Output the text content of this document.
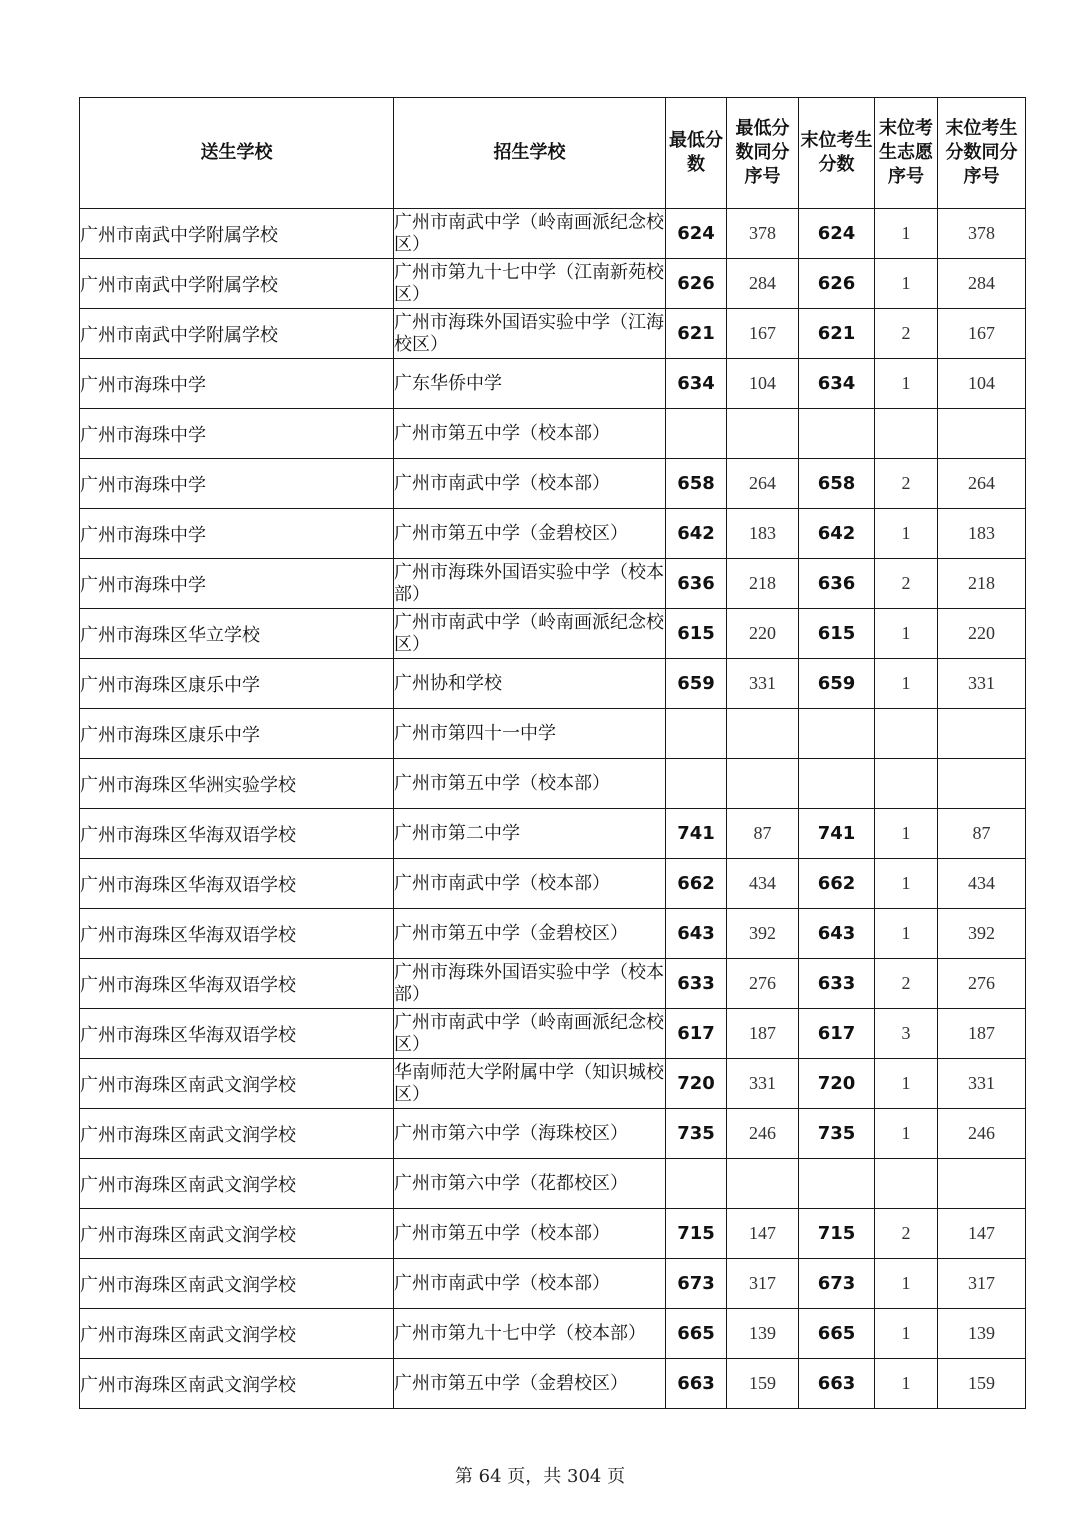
送生学校	招生学校	最低分数	最低分数同分序号	末位考生分数	末位考生志愿序号	末位考生分数同分序号
广州市南武中学附属学校	广州市南武中学（岭南画派纪念校区）	624	378	624	1	378
广州市南武中学附属学校	广州市第九十七中学（江南新苑校区）	626	284	626	1	284
广州市南武中学附属学校	广州市海珠外国语实验中学（江海校区）	621	167	621	2	167
广州市海珠中学	广东华侨中学	634	104	634	1	104
广州市海珠中学	广州市第五中学（校本部）					
广州市海珠中学	广州市南武中学（校本部）	658	264	658	2	264
广州市海珠中学	广州市第五中学（金碧校区）	642	183	642	1	183
广州市海珠中学	广州市海珠外国语实验中学（校本部）	636	218	636	2	218
广州市海珠区华立学校	广州市南武中学（岭南画派纪念校区）	615	220	615	1	220
广州市海珠区康乐中学	广州协和学校	659	331	659	1	331
广州市海珠区康乐中学	广州市第四十一中学					
广州市海珠区华洲实验学校	广州市第五中学（校本部）					
广州市海珠区华海双语学校	广州市第二中学	741	87	741	1	87
广州市海珠区华海双语学校	广州市南武中学（校本部）	662	434	662	1	434
广州市海珠区华海双语学校	广州市第五中学（金碧校区）	643	392	643	1	392
广州市海珠区华海双语学校	广州市海珠外国语实验中学（校本部）	633	276	633	2	276
广州市海珠区华海双语学校	广州市南武中学（岭南画派纪念校区）	617	187	617	3	187
广州市海珠区南武文润学校	华南师范大学附属中学（知识城校区）	720	331	720	1	331
广州市海珠区南武文润学校	广州市第六中学（海珠校区）	735	246	735	1	246
广州市海珠区南武文润学校	广州市第六中学（花都校区）					
广州市海珠区南武文润学校	广州市第五中学（校本部）	715	147	715	2	147
广州市海珠区南武文润学校	广州市南武中学（校本部）	673	317	673	1	317
广州市海珠区南武文润学校	广州市第九十七中学（校本部）	665	139	665	1	139
广州市海珠区南武文润学校	广州市第五中学（金碧校区）	663	159	663	1	159
第 64 页，共 304 页
